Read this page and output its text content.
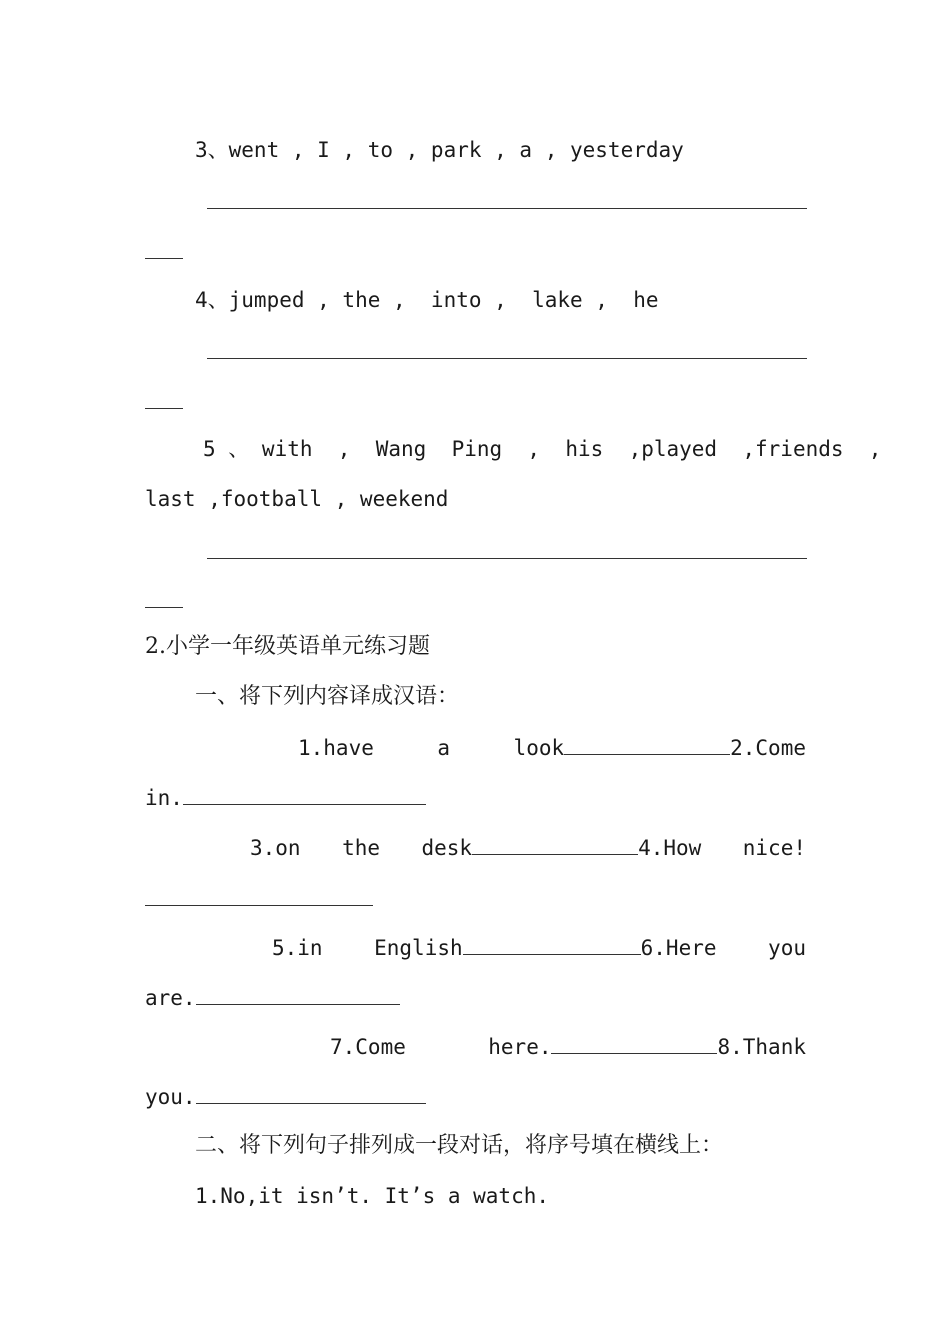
3、went , I , to , park , a , yesterday
4、jumped , the ,  into ,  lake ,  he
5 、 with  ,  Wang  Ping  ,  his  ,played  ,friends  ,
last ,football , weekend
2.小学一年级英语单元练习题
一、将下列内容译成汉语：
1.have	a	look	2.Come
in.
3.on the desk	4.How nice!
5.in English	6.Here you
are.
7.Come	here.	8.Thank
you.
二、将下列句子排列成一段对话，将序号填在横线上：
1.No,it isn’t. It’s a watch.
